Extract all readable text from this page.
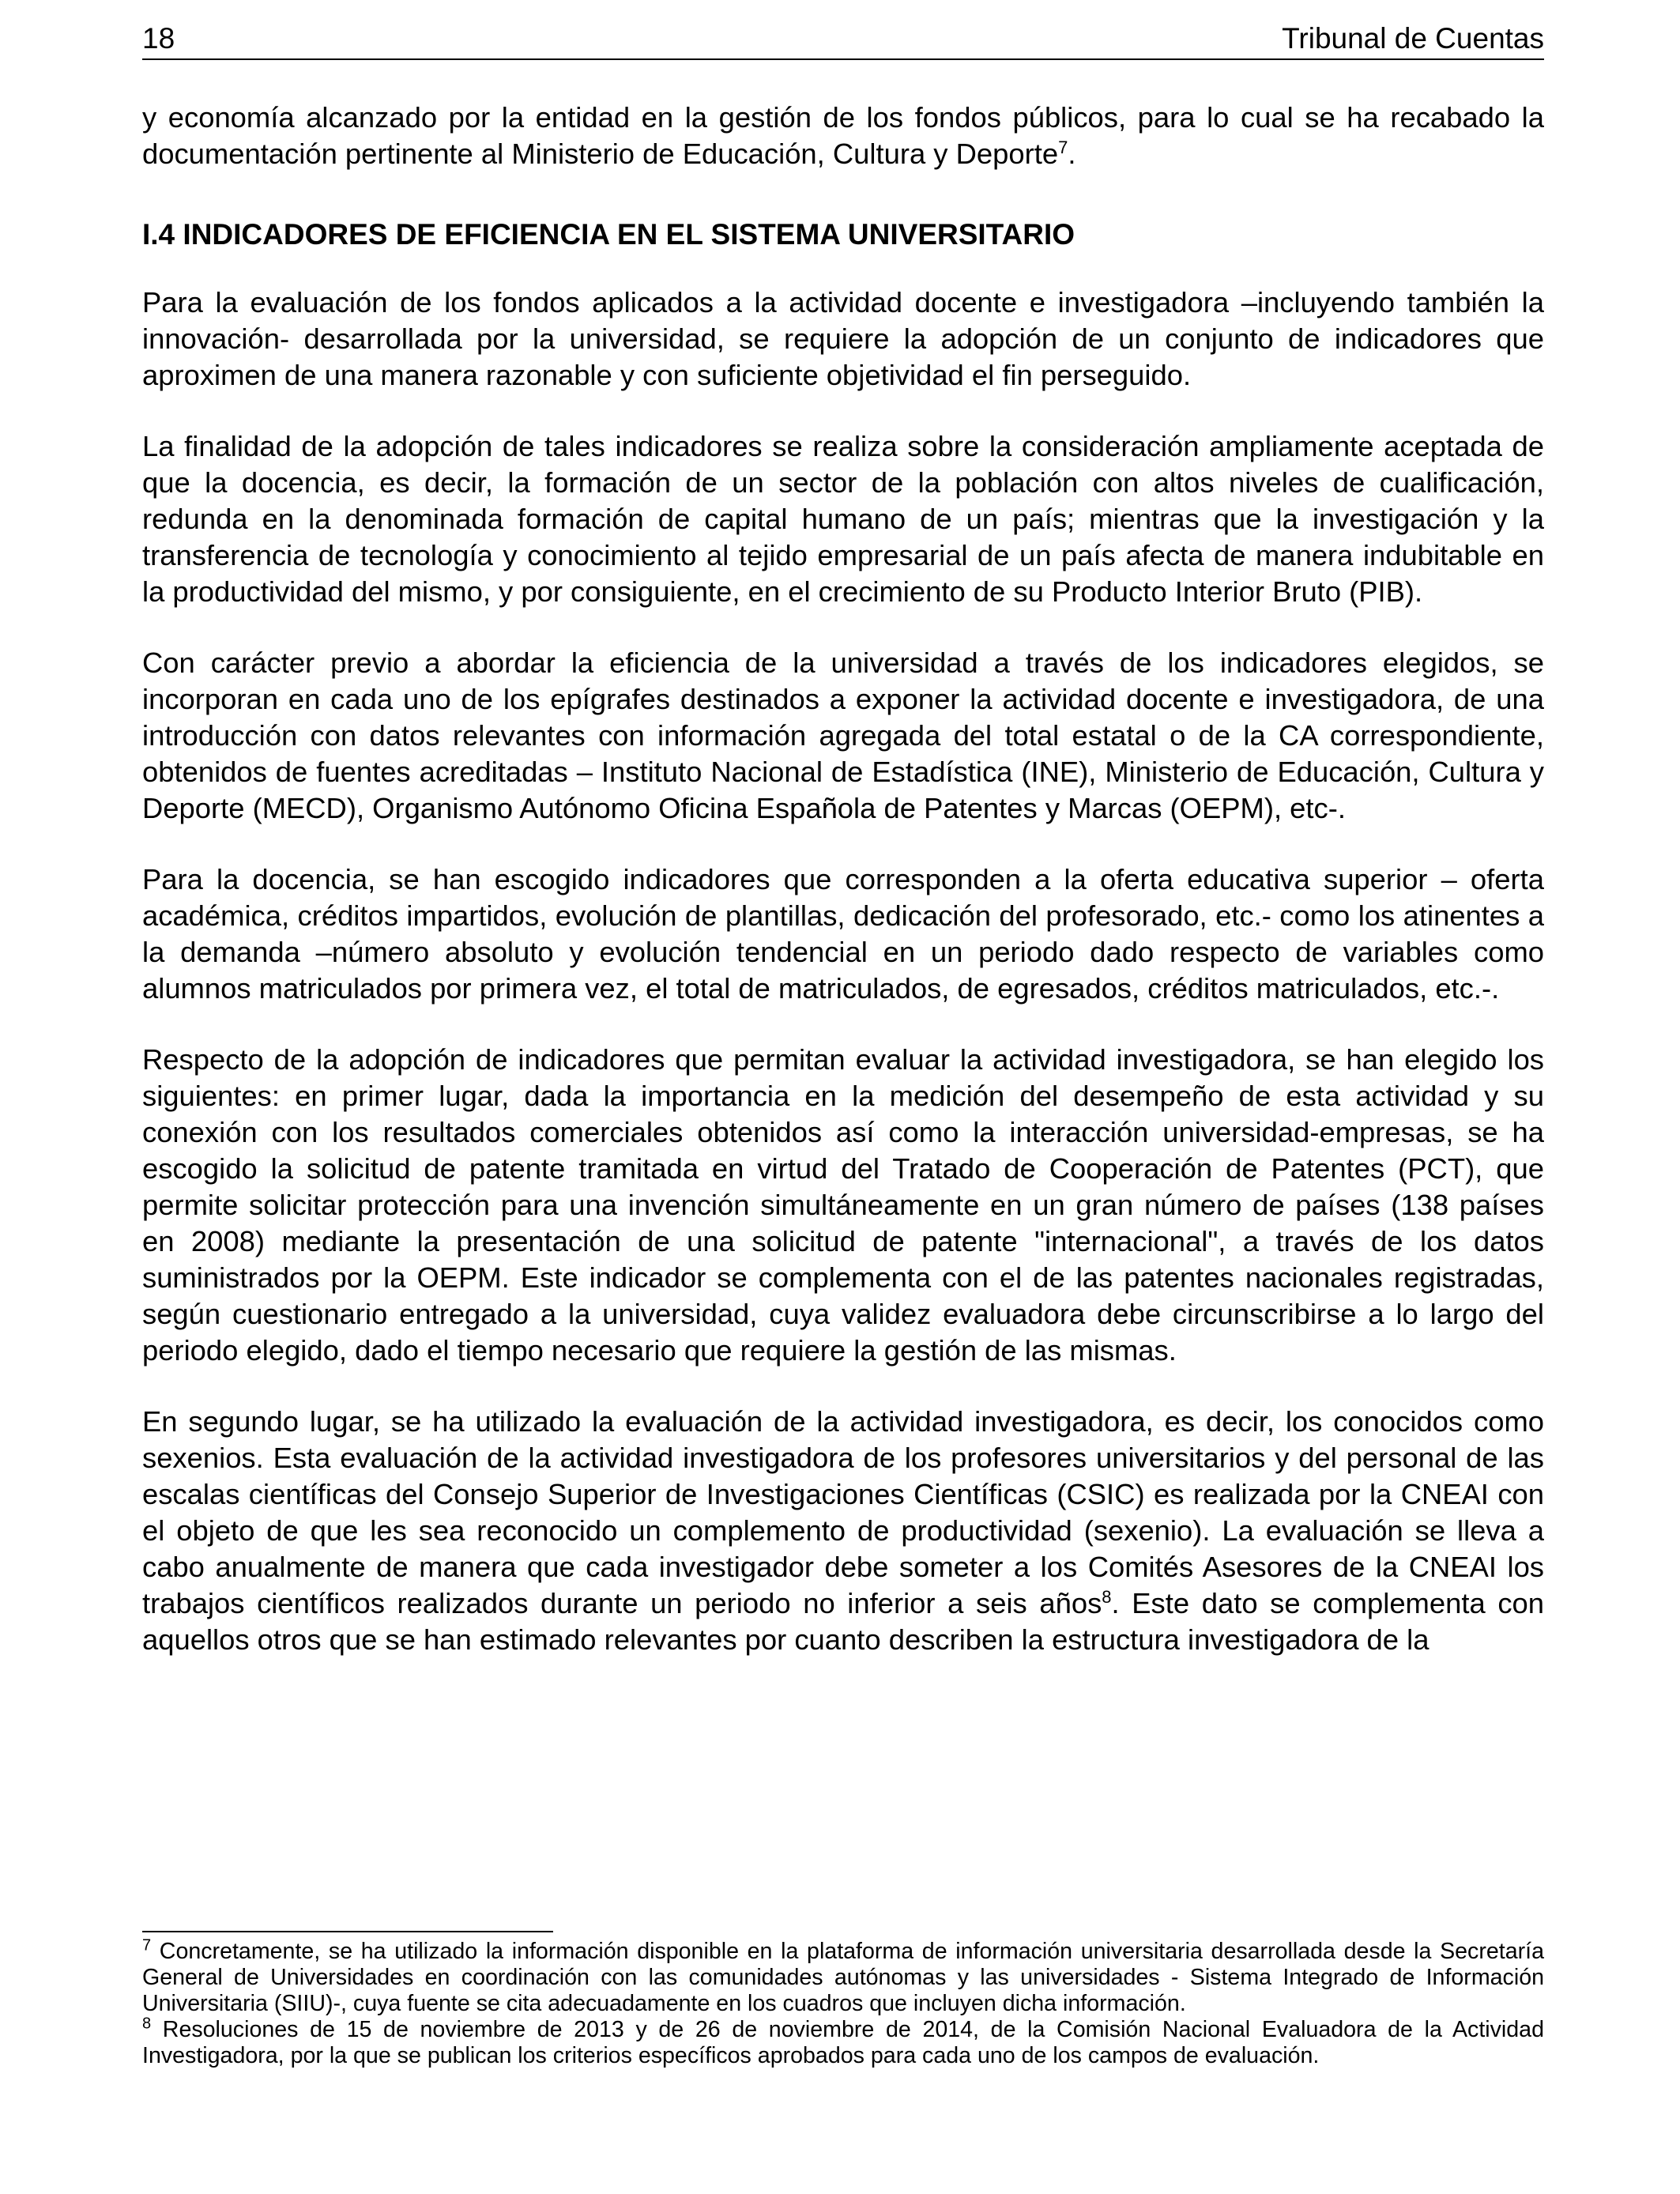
18	Tribunal de Cuentas

y economía alcanzado por la entidad en la gestión de los fondos públicos, para lo cual se ha recabado la documentación pertinente al Ministerio de Educación, Cultura y Deporte$^7$.

I.4 INDICADORES DE EFICIENCIA EN EL SISTEMA UNIVERSITARIO

Para la evaluación de los fondos aplicados a la actividad docente e investigadora –incluyendo también la innovación- desarrollada por la universidad, se requiere la adopción de un conjunto de indicadores que aproximen de una manera razonable y con suficiente objetividad el fin perseguido.

La finalidad de la adopción de tales indicadores se realiza sobre la consideración ampliamente aceptada de que la docencia, es decir, la formación de un sector de la población con altos niveles de cualificación, redunda en la denominada formación de capital humano de un país; mientras que la investigación y la transferencia de tecnología y conocimiento al tejido empresarial de un país afecta de manera indubitable en la productividad del mismo, y por consiguiente, en el crecimiento de su Producto Interior Bruto (PIB).

Con carácter previo a abordar la eficiencia de la universidad a través de los indicadores elegidos, se incorporan en cada uno de los epígrafes destinados a exponer la actividad docente e investigadora, de una introducción con datos relevantes con información agregada del total estatal o de la CA correspondiente, obtenidos de fuentes acreditadas – Instituto Nacional de Estadística (INE), Ministerio de Educación, Cultura y Deporte (MECD), Organismo Autónomo Oficina Española de Patentes y Marcas (OEPM), etc-.

Para la docencia, se han escogido indicadores que corresponden a la oferta educativa superior – oferta académica, créditos impartidos, evolución de plantillas, dedicación del profesorado, etc.- como los atinentes a la demanda –número absoluto y evolución tendencial en un periodo dado respecto de variables como alumnos matriculados por primera vez, el total de matriculados, de egresados, créditos matriculados, etc.-.

Respecto de la adopción de indicadores que permitan evaluar la actividad investigadora, se han elegido los siguientes: en primer lugar, dada la importancia en la medición del desempeño de esta actividad y su conexión con los resultados comerciales obtenidos así como la interacción universidad-empresas, se ha escogido la solicitud de patente tramitada en virtud del Tratado de Cooperación de Patentes (PCT), que permite solicitar protección para una invención simultáneamente en un gran número de países (138 países en 2008) mediante la presentación de una solicitud de patente "internacional", a través de los datos suministrados por la OEPM. Este indicador se complementa con el de las patentes nacionales registradas, según cuestionario entregado a la universidad, cuya validez evaluadora debe circunscribirse a lo largo del periodo elegido, dado el tiempo necesario que requiere la gestión de las mismas.

En segundo lugar, se ha utilizado la evaluación de la actividad investigadora, es decir, los conocidos como sexenios. Esta evaluación de la actividad investigadora de los profesores universitarios y del personal de las escalas científicas del Consejo Superior de Investigaciones Científicas (CSIC) es realizada por la CNEAI con el objeto de que les sea reconocido un complemento de productividad (sexenio). La evaluación se lleva a cabo anualmente de manera que cada investigador debe someter a los Comités Asesores de la CNEAI los trabajos científicos realizados durante un periodo no inferior a seis años$^8$. Este dato se complementa con aquellos otros que se han estimado relevantes por cuanto describen la estructura investigadora de la

$^7$ Concretamente, se ha utilizado la información disponible en la plataforma de información universitaria desarrollada desde la Secretaría General de Universidades en coordinación con las comunidades autónomas y las universidades - Sistema Integrado de Información Universitaria (SIIU)-, cuya fuente se cita adecuadamente en los cuadros que incluyen dicha información.

$^8$ Resoluciones de 15 de noviembre de 2013 y de 26 de noviembre de 2014, de la Comisión Nacional Evaluadora de la Actividad Investigadora, por la que se publican los criterios específicos aprobados para cada uno de los campos de evaluación.
